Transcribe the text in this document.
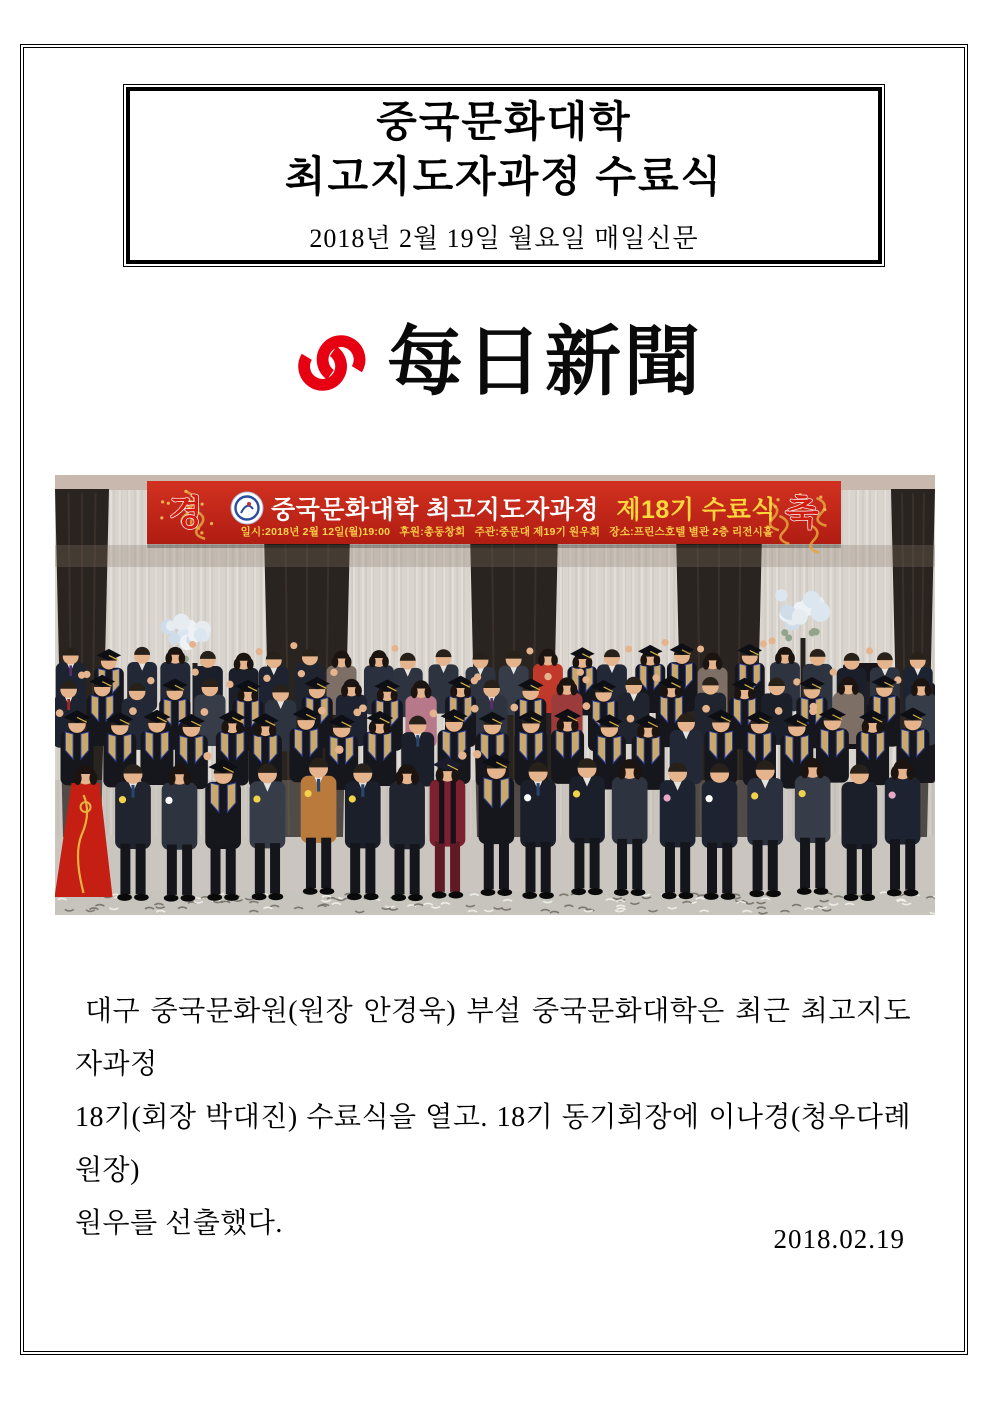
중국문화대학
최고지도자과정 수료식
2018년 2월 19일 월요일 매일신문
每日新聞
경	축
중국문화대학 최고지도자과정 제18기 수료식
일시:2018년 2월 12일(월)19:00   후원:총동창회   주관:중문대 제19기 원우회   장소:프린스호텔 별관 2층 리전시홀
대구 중국문화원(원장 안경욱) 부설 중국문화대학은 최근 최고지도자과정
18기(회장 박대진) 수료식을 열고. 18기 동기회장에 이나경(청우다례원장)
원우를 선출했다.	2018.02.19
